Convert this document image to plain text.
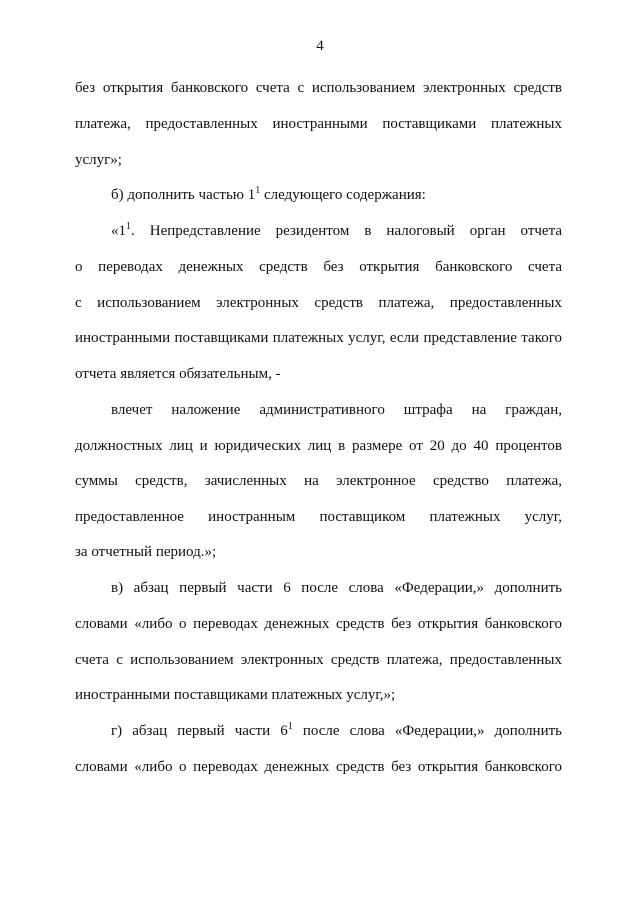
4
без открытия банковского счета с использованием электронных средств
платежа, предоставленных иностранными поставщиками платежных
услуг»;
б) дополнить частью $1^1$ следующего содержания:
«$1^1$. Непредставление резидентом в налоговый орган отчета
о переводах денежных средств без открытия банковского счета
с использованием электронных средств платежа, предоставленных
иностранными поставщиками платежных услуг, если представление такого
отчета является обязательным, -
влечет наложение административного штрафа на граждан,
должностных лиц и юридических лиц в размере от 20 до 40 процентов
суммы средств, зачисленных на электронное средство платежа,
предоставленное иностранным поставщиком платежных услуг,
за отчетный период.»;
в) абзац первый части 6 после слова «Федерации,» дополнить
словами «либо о переводах денежных средств без открытия банковского
счета с использованием электронных средств платежа, предоставленных
иностранными поставщиками платежных услуг,»;
г) абзац первый части $6^1$ после слова «Федерации,» дополнить
словами «либо о переводах денежных средств без открытия банковского
